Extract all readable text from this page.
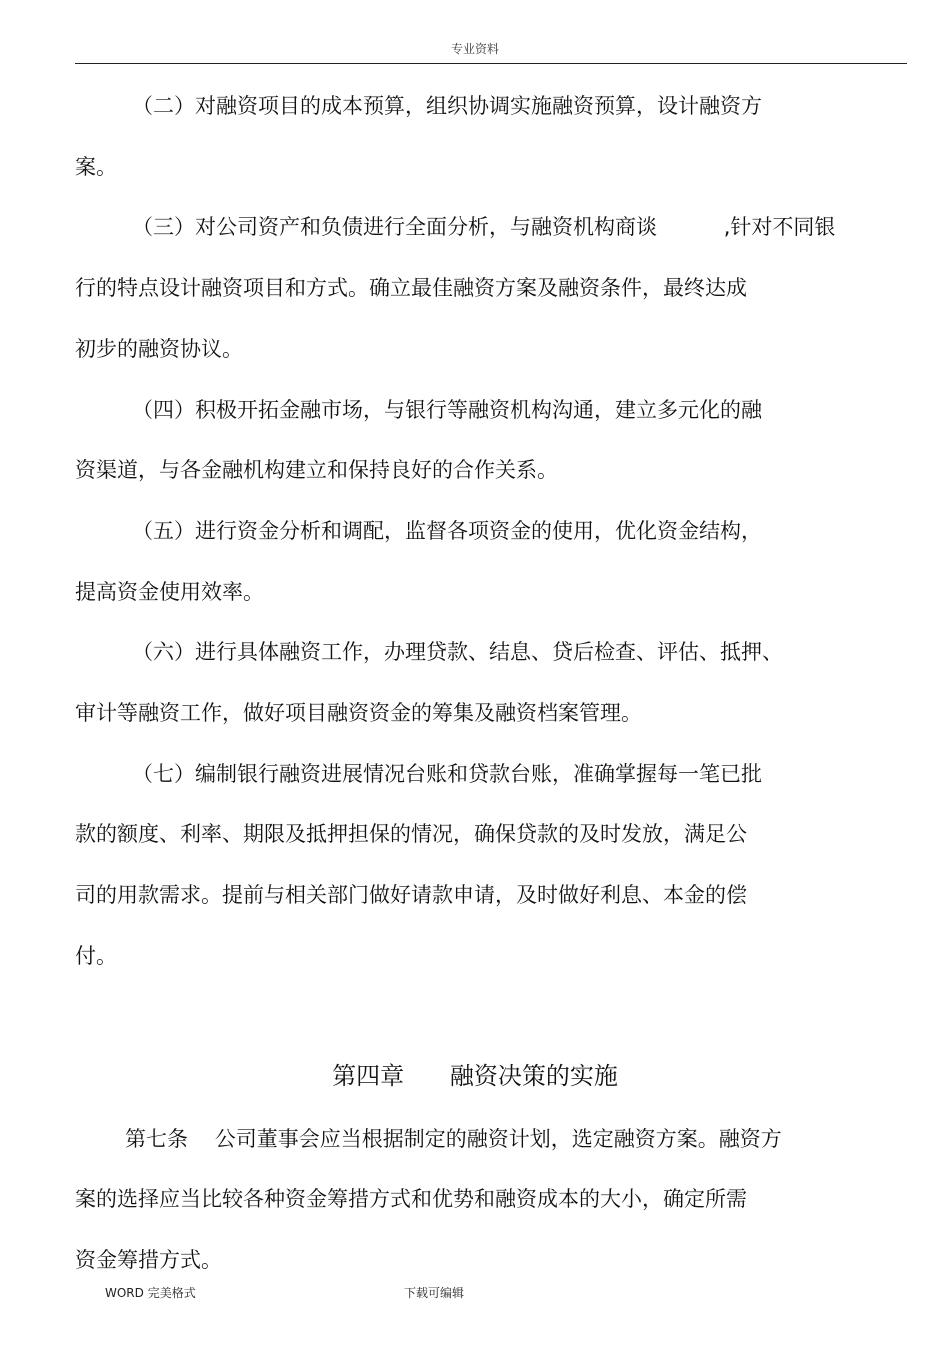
专业资料
（二）对融资项目的成本预算，组织协调实施融资预算，设计融资方
案。
（三）对公司资产和负债进行全面分析，与融资机构商谈          ,针对不同银
行的特点设计融资项目和方式。确立最佳融资方案及融资条件，最终达成
初步的融资协议。
（四）积极开拓金融市场，与银行等融资机构沟通，建立多元化的融
资渠道，与各金融机构建立和保持良好的合作关系。
（五）进行资金分析和调配，监督各项资金的使用，优化资金结构，
提高资金使用效率。
（六）进行具体融资工作，办理贷款、结息、贷后检查、评估、抵押、
审计等融资工作，做好项目融资资金的筹集及融资档案管理。
（七）编制银行融资进展情况台账和贷款台账，准确掌握每一笔已批
款的额度、利率、期限及抵押担保的情况，确保贷款的及时发放，满足公
司的用款需求。提前与相关部门做好请款申请，及时做好利息、本金的偿
付。
第四章      融资决策的实施
第七条    公司董事会应当根据制定的融资计划，选定融资方案。融资方
案的选择应当比较各种资金筹措方式和优势和融资成本的大小，确定所需
资金筹措方式。
WORD 完美格式	下载可编辑
